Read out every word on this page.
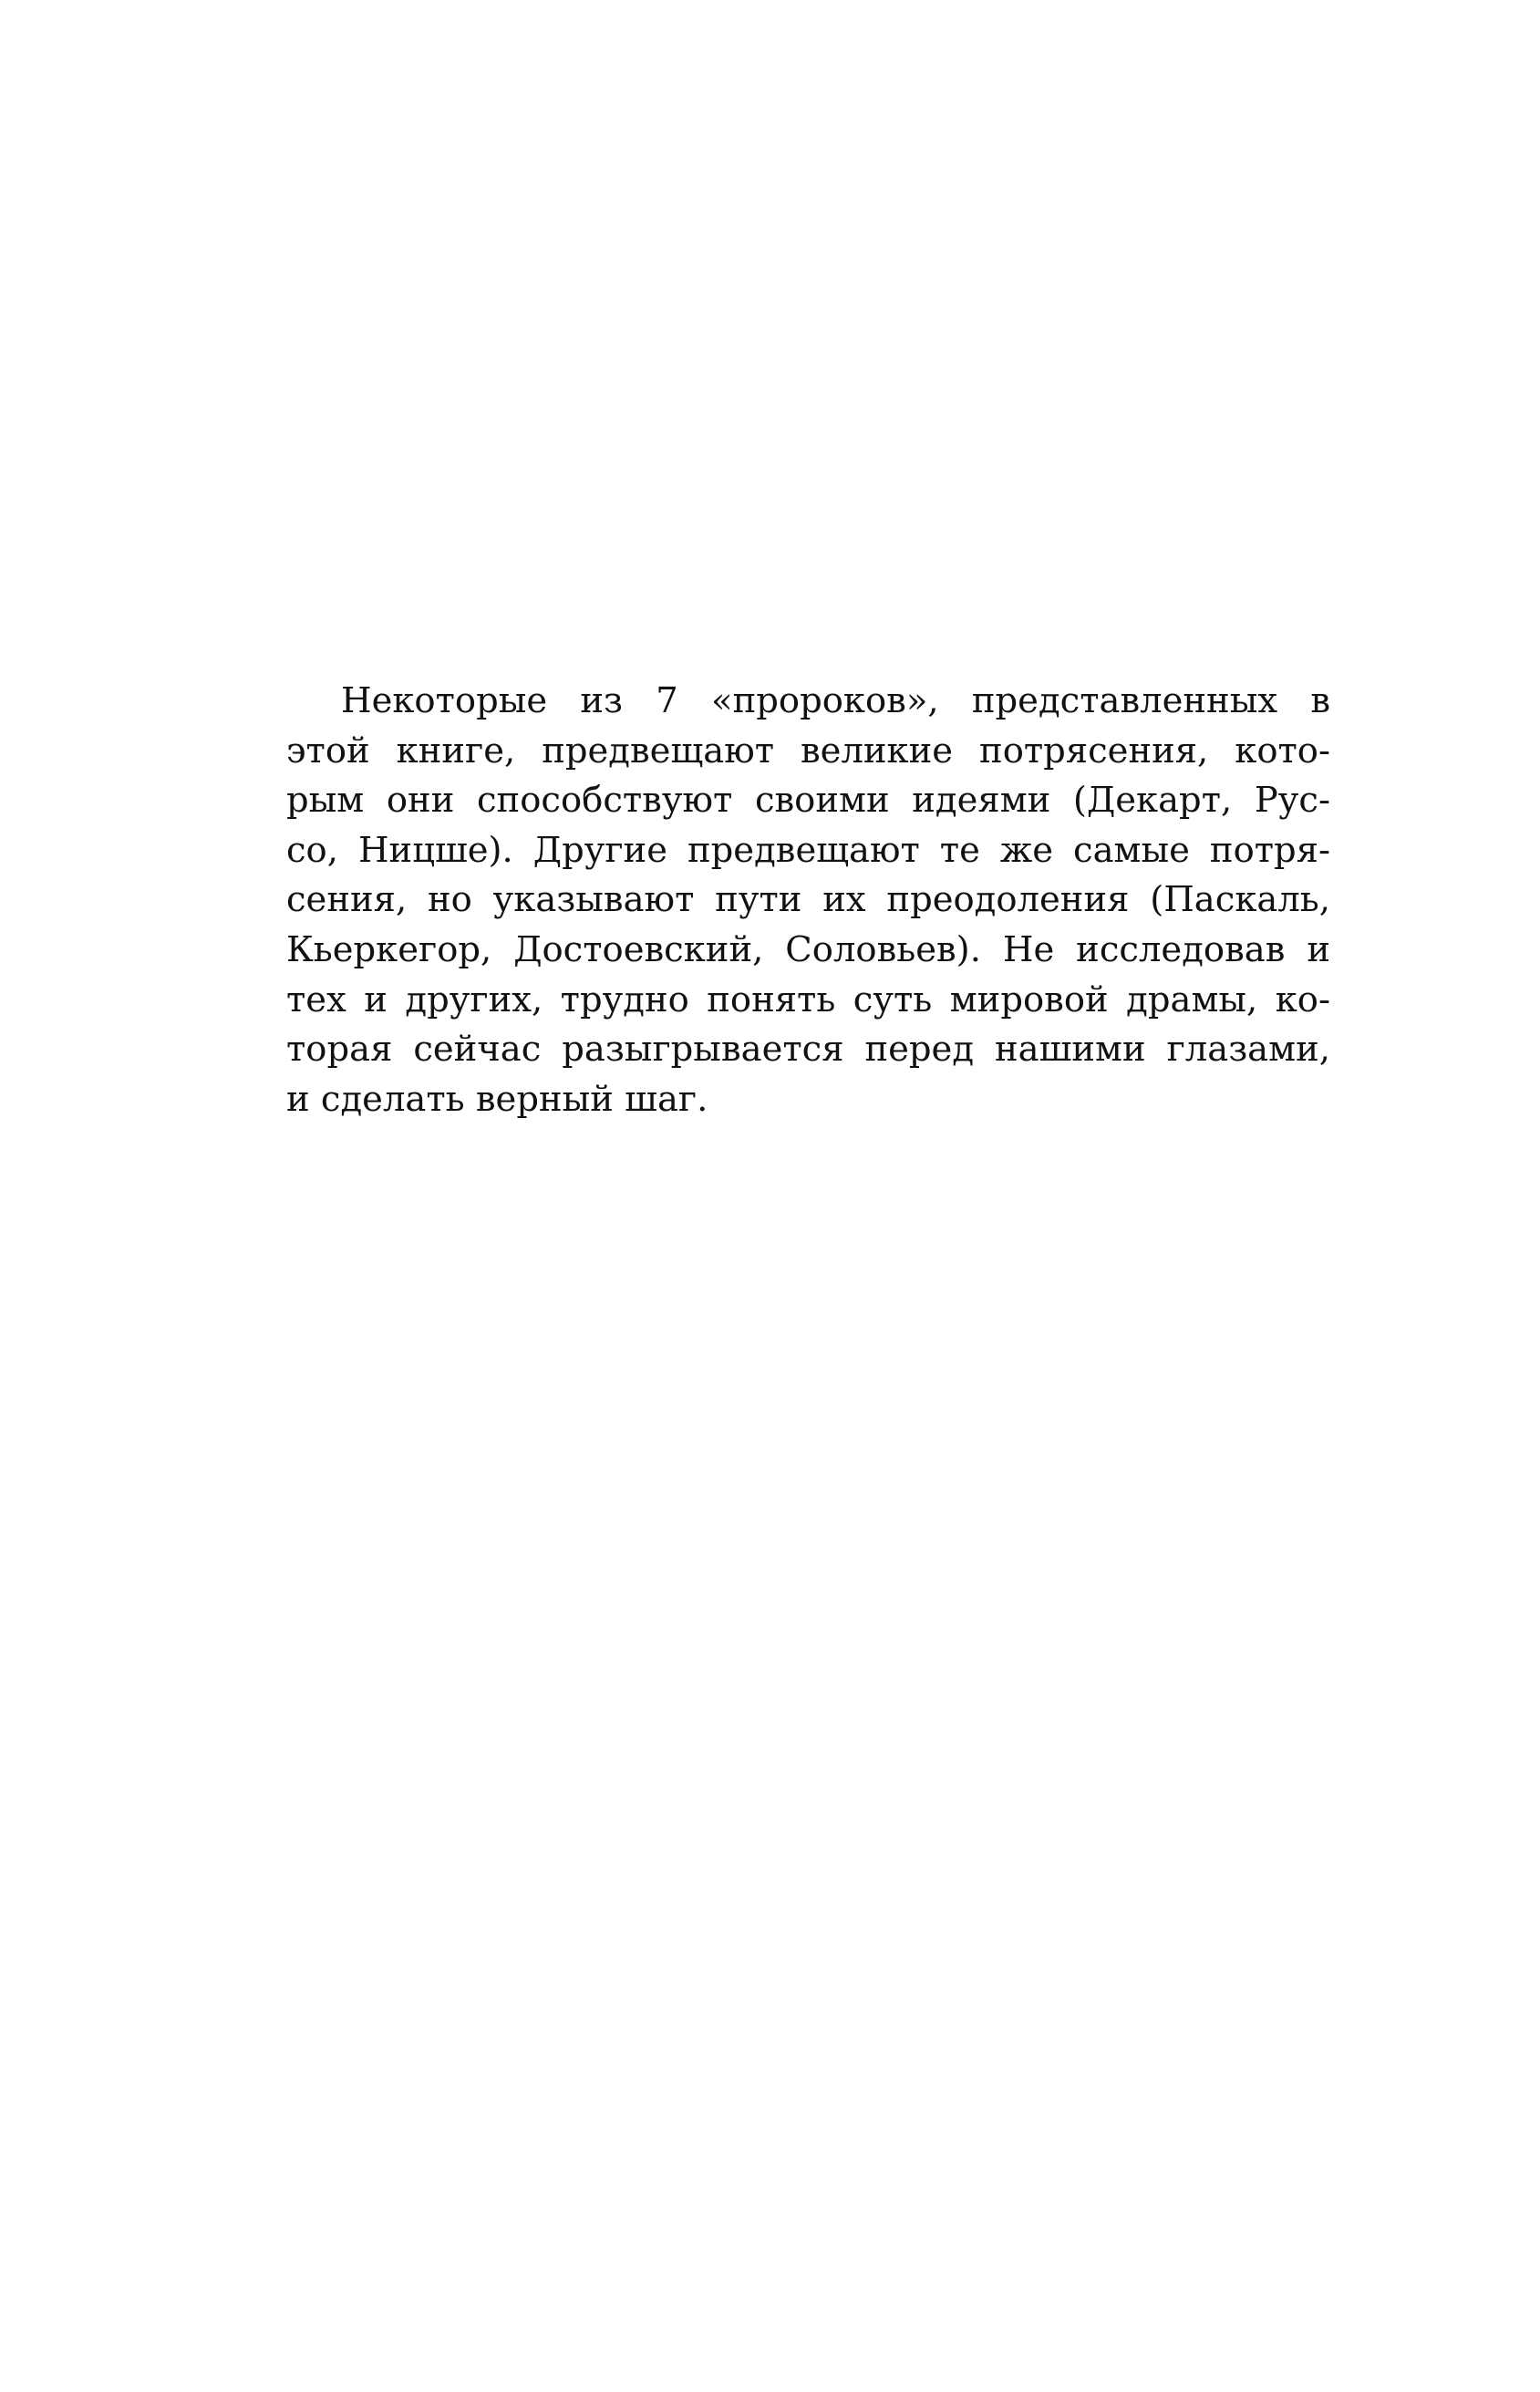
Некоторые из 7 «пророков», представленных в
этой книге, предвещают великие потрясения, кото-
рым они способствуют своими идеями (Декарт, Рус-
со, Ницше). Другие предвещают те же самые потря-
сения, но указывают пути их преодоления (Паскаль,
Кьеркегор, Достоевский, Соловьев). Не исследовав и
тех и других, трудно понять суть мировой драмы, ко-
торая сейчас разыгрывается перед нашими глазами,
и сделать верный шаг.
